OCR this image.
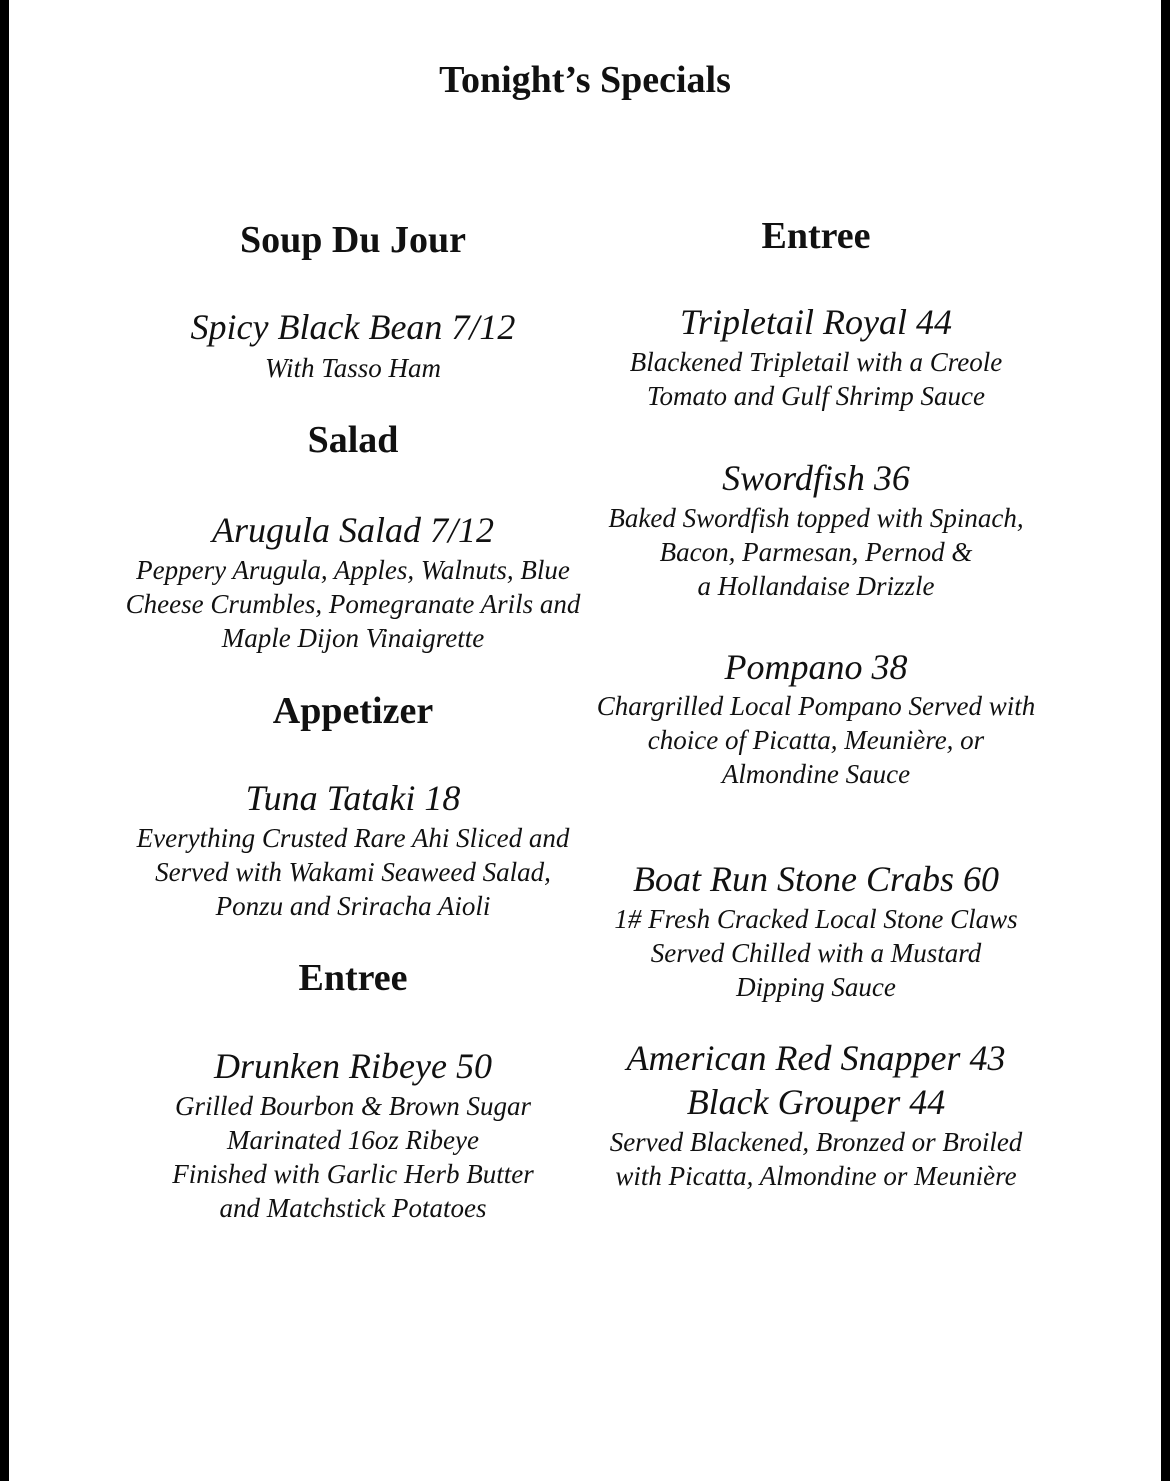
Tonight’s Specials
Soup Du Jour
Spicy Black Bean 7/12
With Tasso Ham
Salad
Arugula Salad 7/12
Peppery Arugula, Apples, Walnuts, Blue
Cheese Crumbles, Pomegranate Arils and
Maple Dijon Vinaigrette
Appetizer
Tuna Tataki 18
Everything Crusted Rare Ahi Sliced and
Served with Wakami Seaweed Salad,
Ponzu and Sriracha Aioli
Entree
Drunken Ribeye 50
Grilled Bourbon & Brown Sugar
Marinated 16oz Ribeye
Finished with Garlic Herb Butter
and Matchstick Potatoes
Entree
Tripletail Royal 44
Blackened Tripletail with a Creole
Tomato and Gulf Shrimp Sauce
Swordfish 36
Baked Swordfish topped with Spinach,
Bacon, Parmesan, Pernod &
a Hollandaise Drizzle
Pompano 38
Chargrilled Local Pompano Served with
choice of Picatta, Meunière, or
Almondine Sauce
Boat Run Stone Crabs 60
1# Fresh Cracked Local Stone Claws
Served Chilled with a Mustard
Dipping Sauce
American Red Snapper 43
Black Grouper 44
Served Blackened, Bronzed or Broiled
with Picatta, Almondine or Meunière
